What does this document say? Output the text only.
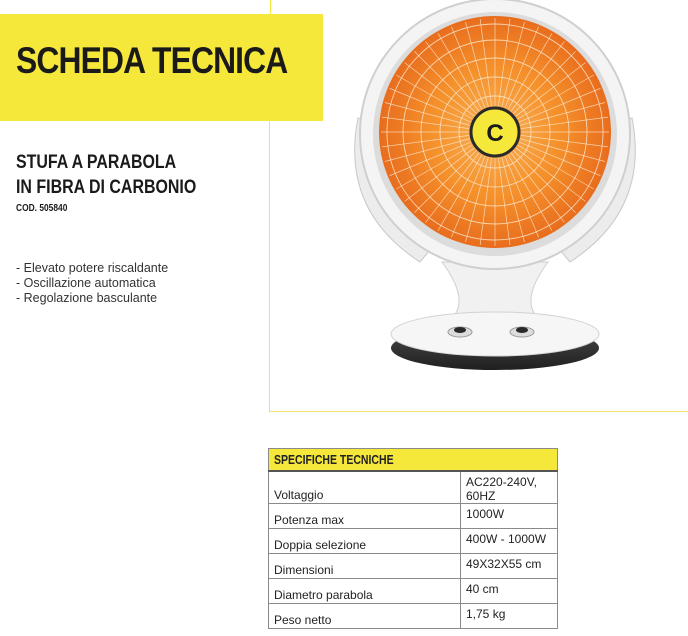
SCHEDA TECNICA
STUFA A PARABOLA
IN FIBRA DI CARBONIO
COD. 505840
- Elevato potere riscaldante
- Oscillazione automatica
- Regolazione basculante
C
SPECIFICHE TECNICHE	
Voltaggio	AC220-240V, 60HZ
Potenza max	1000W
Doppia selezione	400W - 1000W
Dimensioni	49X32X55 cm
Diametro parabola	40 cm
Peso netto	1,75 kg
